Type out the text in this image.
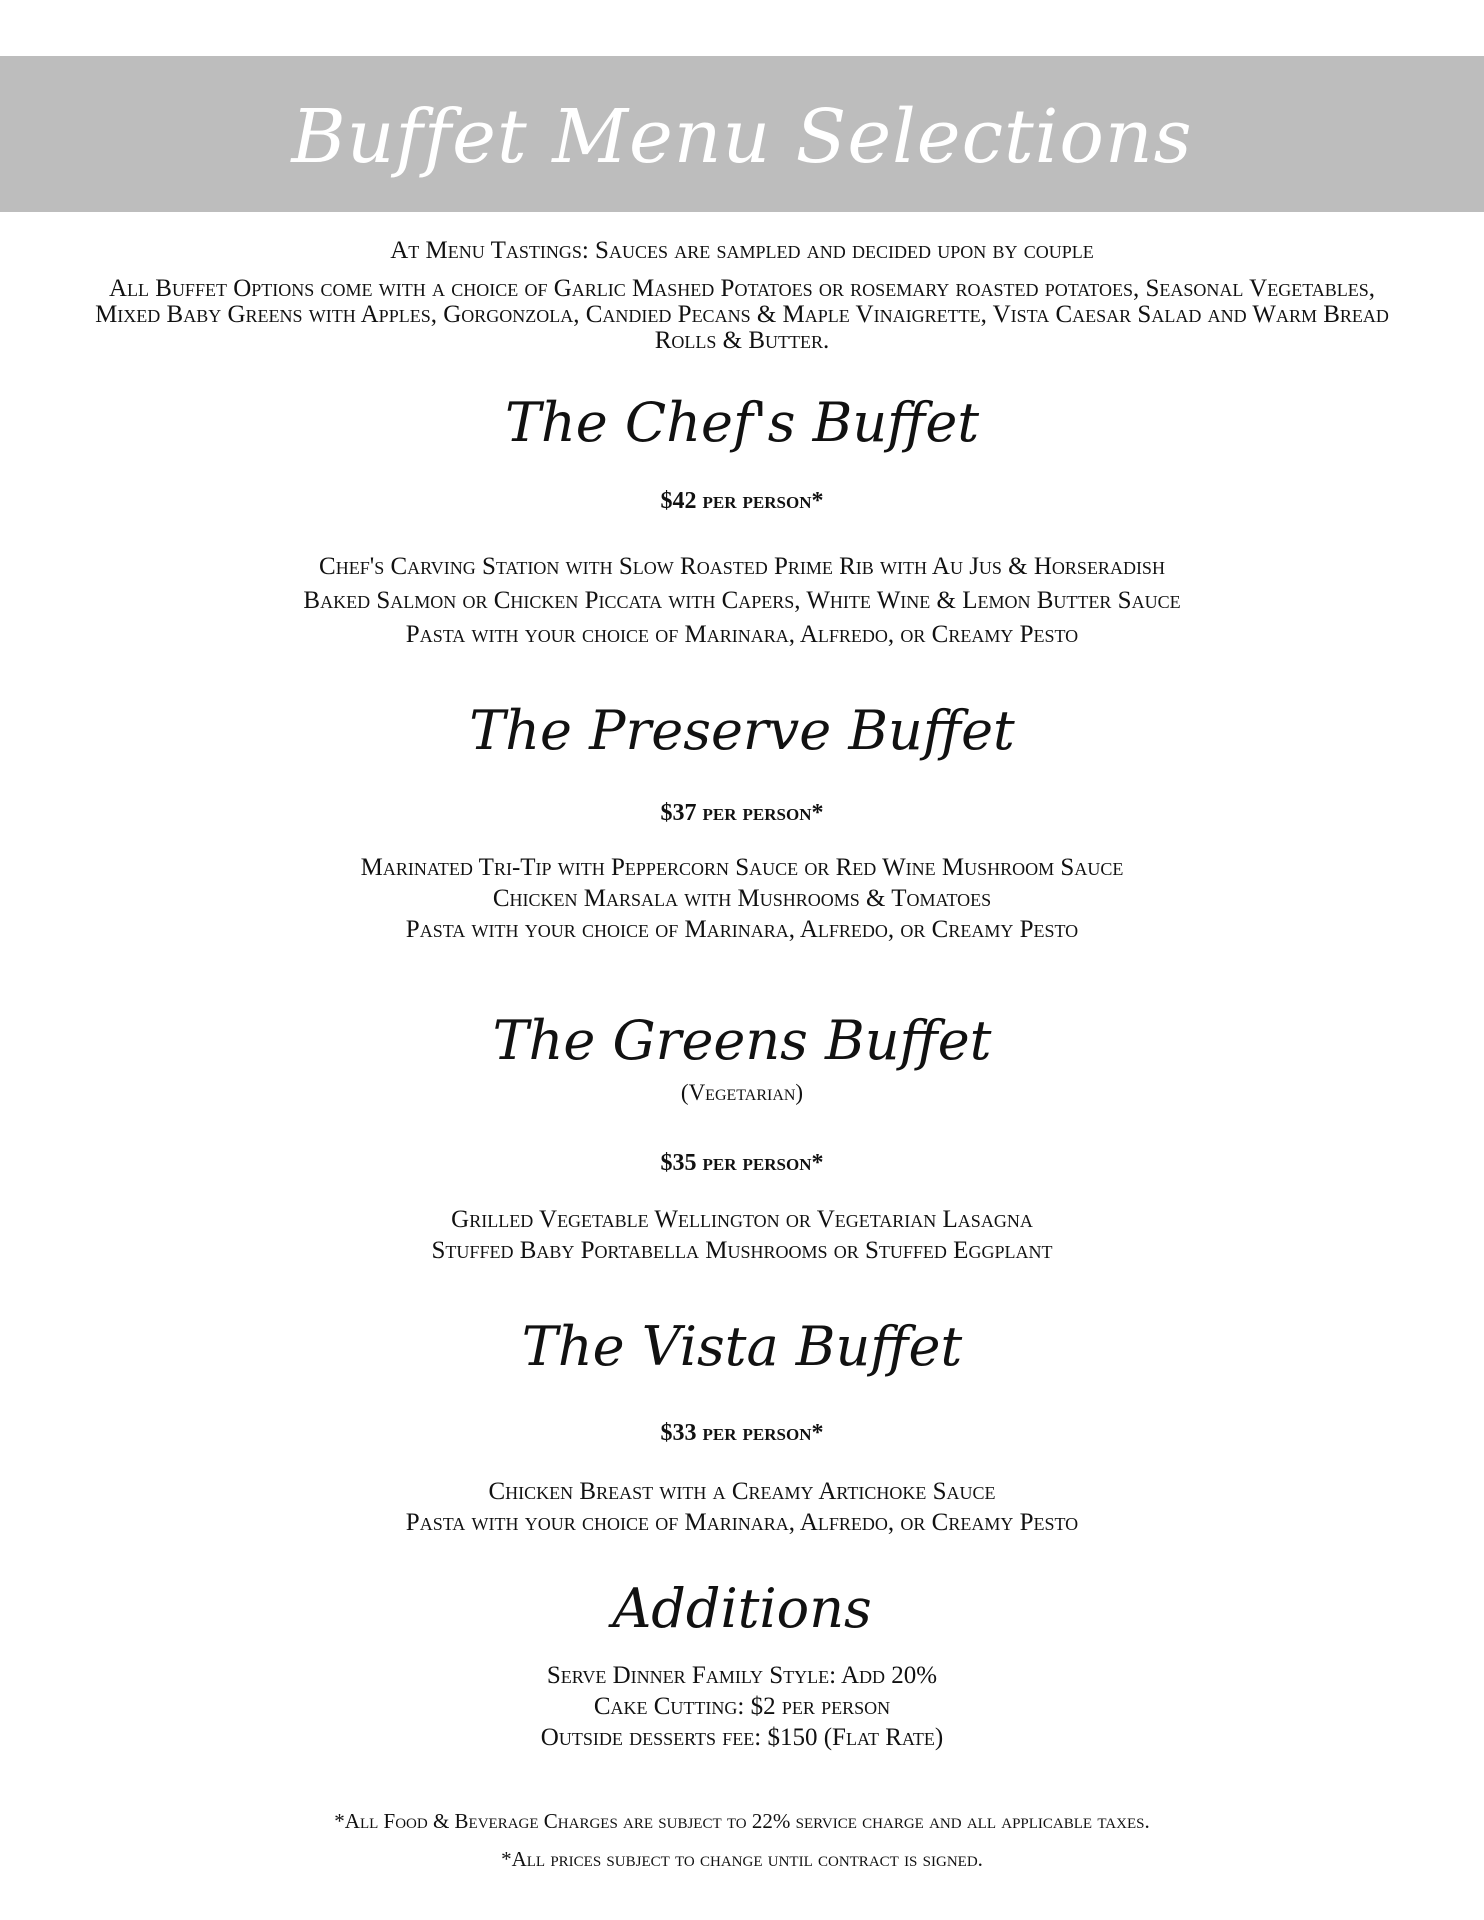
Buffet Menu Selections
At Menu Tastings: Sauces are sampled and decided upon by couple
All Buffet Options come with a choice of Garlic Mashed Potatoes or rosemary roasted potatoes, Seasonal Vegetables, Mixed Baby Greens with Apples, Gorgonzola, Candied Pecans & Maple Vinaigrette, Vista Caesar Salad and Warm Bread Rolls & Butter.
The Chef's Buffet
$42 per person*
Chef's Carving Station with Slow Roasted Prime Rib with Au Jus & Horseradish
Baked Salmon or Chicken Piccata with Capers, White Wine & Lemon Butter Sauce
Pasta with your choice of Marinara, Alfredo, or Creamy Pesto
The Preserve Buffet
$37 per person*
Marinated Tri-Tip with Peppercorn Sauce or Red Wine Mushroom Sauce
Chicken Marsala with Mushrooms & Tomatoes
Pasta with your choice of Marinara, Alfredo, or Creamy Pesto
The Greens Buffet
(Vegetarian)
$35 per person*
Grilled Vegetable Wellington or Vegetarian Lasagna
Stuffed Baby Portabella Mushrooms or Stuffed Eggplant
The Vista Buffet
$33 per person*
Chicken Breast with a Creamy Artichoke Sauce
Pasta with your choice of Marinara, Alfredo, or Creamy Pesto
Additions
Serve Dinner Family Style: Add 20%
Cake Cutting: $2 per person
Outside desserts fee: $150 (Flat Rate)
*All Food & Beverage Charges are subject to 22% service charge and all applicable taxes.
*All prices subject to change until contract is signed.
